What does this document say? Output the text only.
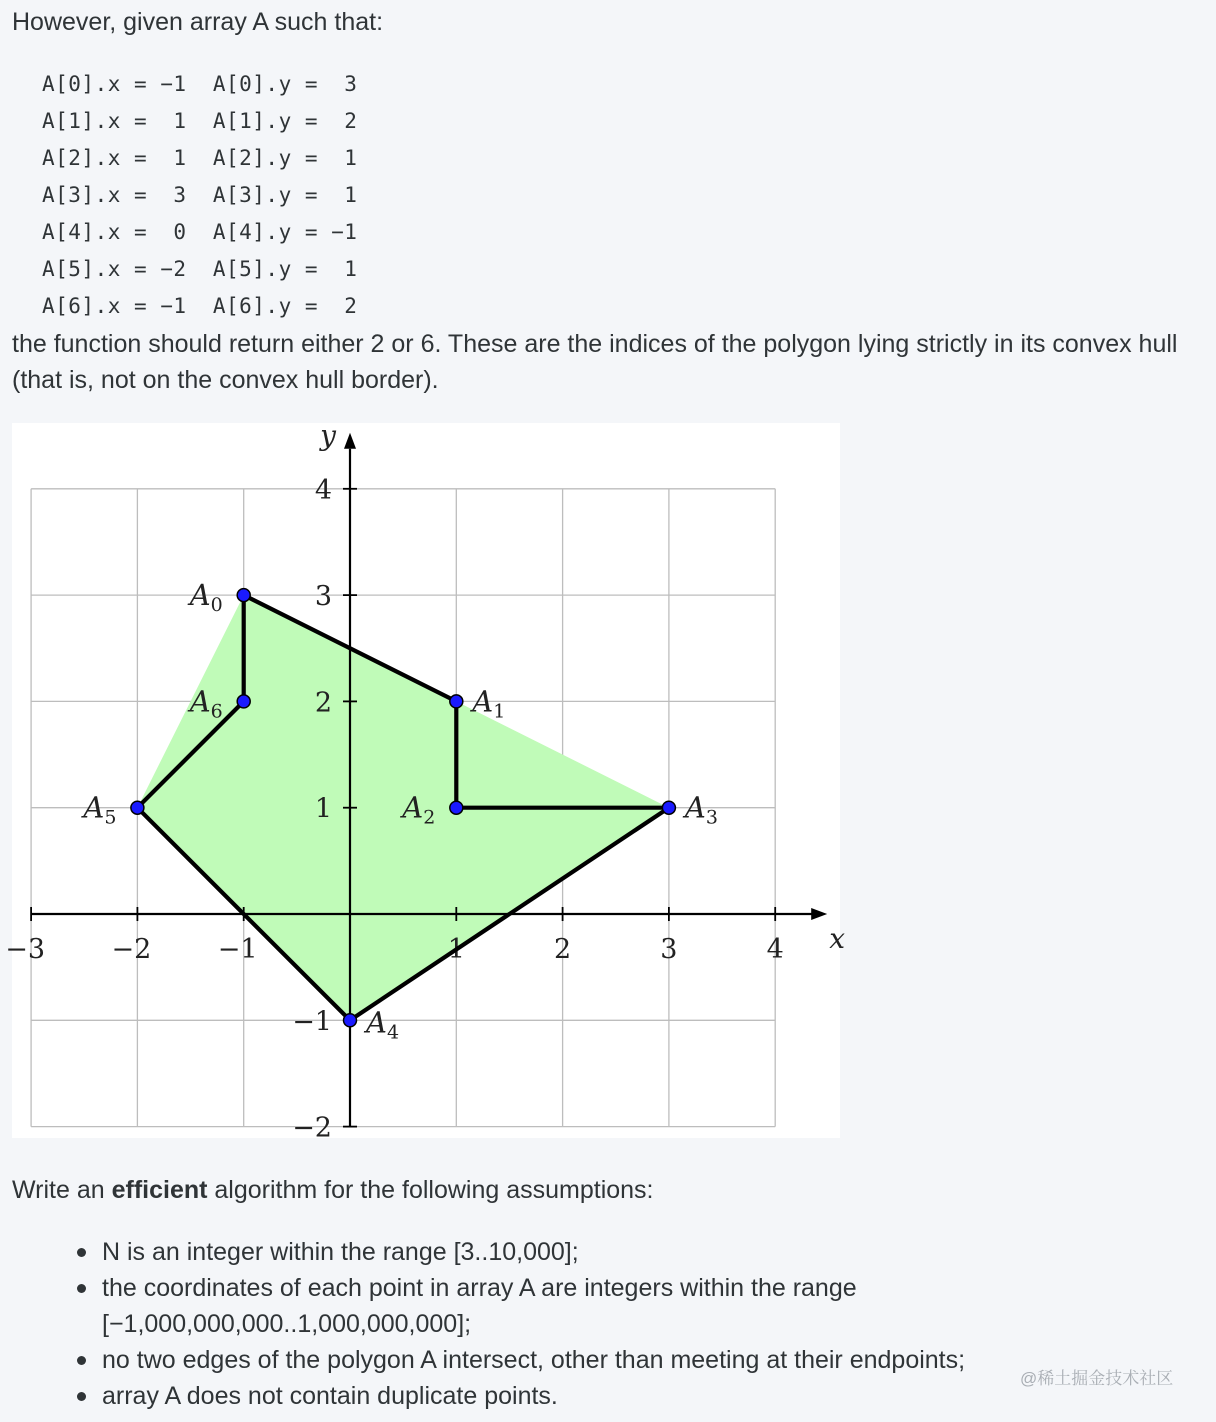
However, given array A such that:
A[0].x = −1  A[0].y =  3
A[1].x =  1  A[1].y =  2
A[2].x =  1  A[2].y =  1
A[3].x =  3  A[3].y =  1
A[4].x =  0  A[4].y = −1
A[5].x = −2  A[5].y =  1
A[6].x = −1  A[6].y =  2
the function should return either 2 or 6. These are the indices of the polygon lying strictly in its convex hull (that is, not on the convex hull border).
−3 −2 −1	1	2	3	4
4
3
2
1
−1
−2
x
y
$A_0$
$A_1$
$A_2$	$A_3$
$A_4$
$A_5$
$A_6$
Write an efficient algorithm for the following assumptions:
N is an integer within the range [3..10,000];
the coordinates of each point in array A are integers within the range [−1,000,000,000..1,000,000,000];
no two edges of the polygon A intersect, other than meeting at their endpoints;
array A does not contain duplicate points.
@稀土掘金技术社区
